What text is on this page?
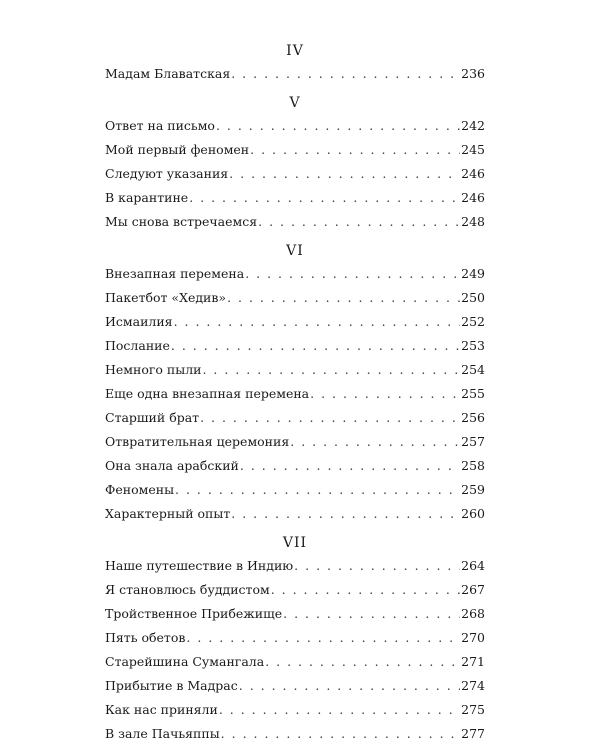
IV
Мадам Блаватская . . .	236
V
Ответ на письмо . . .	242
Мой первый феномен . . .	245
Следуют указания . . .	246
В карантине . . .	246
Мы снова встречаемся . . .	248
VI
Внезапная перемена . . .	249
Пакетбот «Хедив» . . .	250
Исмаилия . . .	252
Послание . . .	253
Немного пыли . . .	254
Еще одна внезапная перемена . . .	255
Старший брат . . .	256
Отвратительная церемония . . .	257
Она знала арабский . . .	258
Феномены . . .	259
Характерный опыт . . .	260
VII
Наше путешествие в Индию . . .	264
Я становлюсь буддистом . . .	267
Тройственное Прибежище . . .	268
Пять обетов . . .	270
Старейшина Сумангала . . .	271
Прибытие в Мадрас . . .	274
Как нас приняли . . .	275
В зале Пачьяппы . . .	277
